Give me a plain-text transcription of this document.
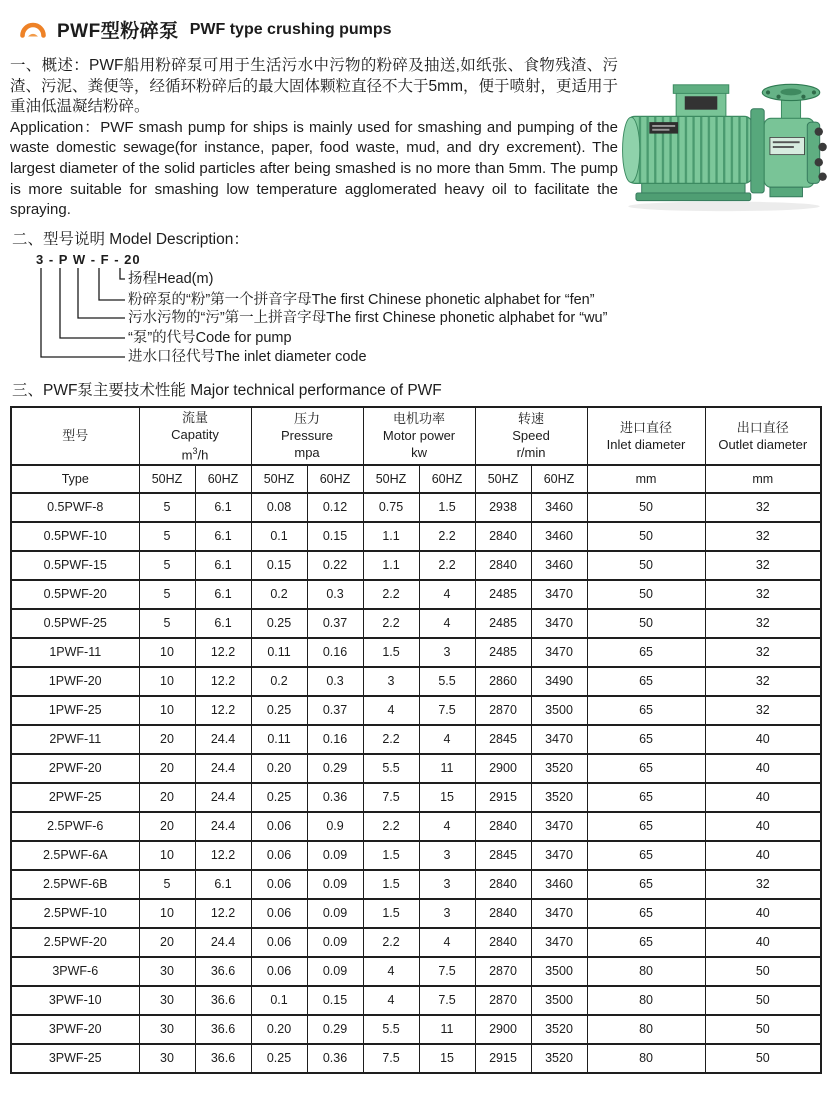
PWF型粉碎泵 PWF type crushing pumps
一、概述：PWF船用粉碎泵可用于生活污水中污物的粉碎及抽送,如纸张、食物残渣、污渣、污泥、粪便等，经循环粉碎后的最大固体颗粒直径不大于5mm，便于喷射，更适用于重油低温凝结粉碎。
Application：PWF smash pump for ships is mainly used for smashing and pumping of the waste domestic sewage(for instance, paper, food waste, mud, and dry excrement). The largest diameter of the solid particles after being smashed is no more than 5mm. The pump is more suitable for smashing low temperature agglomerated heavy oil to facilitate the spraying.
二、型号说明 Model Description：
3 - P W - F - 20
扬程Head(m)
粉碎泵的“粉”第一个拼音字母The first Chinese phonetic alphabet for “fen”
污水污物的“污”第一上拼音字母The first Chinese phonetic alphabet for “wu”
“泵”的代号Code for pump
进水口径代号The inlet diameter code
三、PWF泵主要技术性能 Major technical performance of PWF
型号

流量
Capatity
$m^3/h$

压力
Pressure
mpa

电机功率
Motor power
kw

转速
Speed
r/min

进口直径
Inlet diameter

出口直径
Outlet diameter

Type	50HZ	60HZ	50HZ	60HZ	50HZ	60HZ	50HZ	60HZ	mm	mm
0.5PWF-8	5	6.1	0.08	0.12	0.75	1.5	2938	3460	50	32
0.5PWF-10	5	6.1	0.1	0.15	1.1	2.2	2840	3460	50	32
0.5PWF-15	5	6.1	0.15	0.22	1.1	2.2	2840	3460	50	32
0.5PWF-20	5	6.1	0.2	0.3	2.2	4	2485	3470	50	32
0.5PWF-25	5	6.1	0.25	0.37	2.2	4	2485	3470	50	32
1PWF-11	10	12.2	0.11	0.16	1.5	3	2485	3470	65	32
1PWF-20	10	12.2	0.2	0.3	3	5.5	2860	3490	65	32
1PWF-25	10	12.2	0.25	0.37	4	7.5	2870	3500	65	32
2PWF-11	20	24.4	0.11	0.16	2.2	4	2845	3470	65	40
2PWF-20	20	24.4	0.20	0.29	5.5	11	2900	3520	65	40
2PWF-25	20	24.4	0.25	0.36	7.5	15	2915	3520	65	40
2.5PWF-6	20	24.4	0.06	0.9	2.2	4	2840	3470	65	40
2.5PWF-6A	10	12.2	0.06	0.09	1.5	3	2845	3470	65	40
2.5PWF-6B	5	6.1	0.06	0.09	1.5	3	2840	3460	65	32
2.5PWF-10	10	12.2	0.06	0.09	1.5	3	2840	3470	65	40
2.5PWF-20	20	24.4	0.06	0.09	2.2	4	2840	3470	65	40
3PWF-6	30	36.6	0.06	0.09	4	7.5	2870	3500	80	50
3PWF-10	30	36.6	0.1	0.15	4	7.5	2870	3500	80	50
3PWF-20	30	36.6	0.20	0.29	5.5	11	2900	3520	80	50
3PWF-25	30	36.6	0.25	0.36	7.5	15	2915	3520	80	50
